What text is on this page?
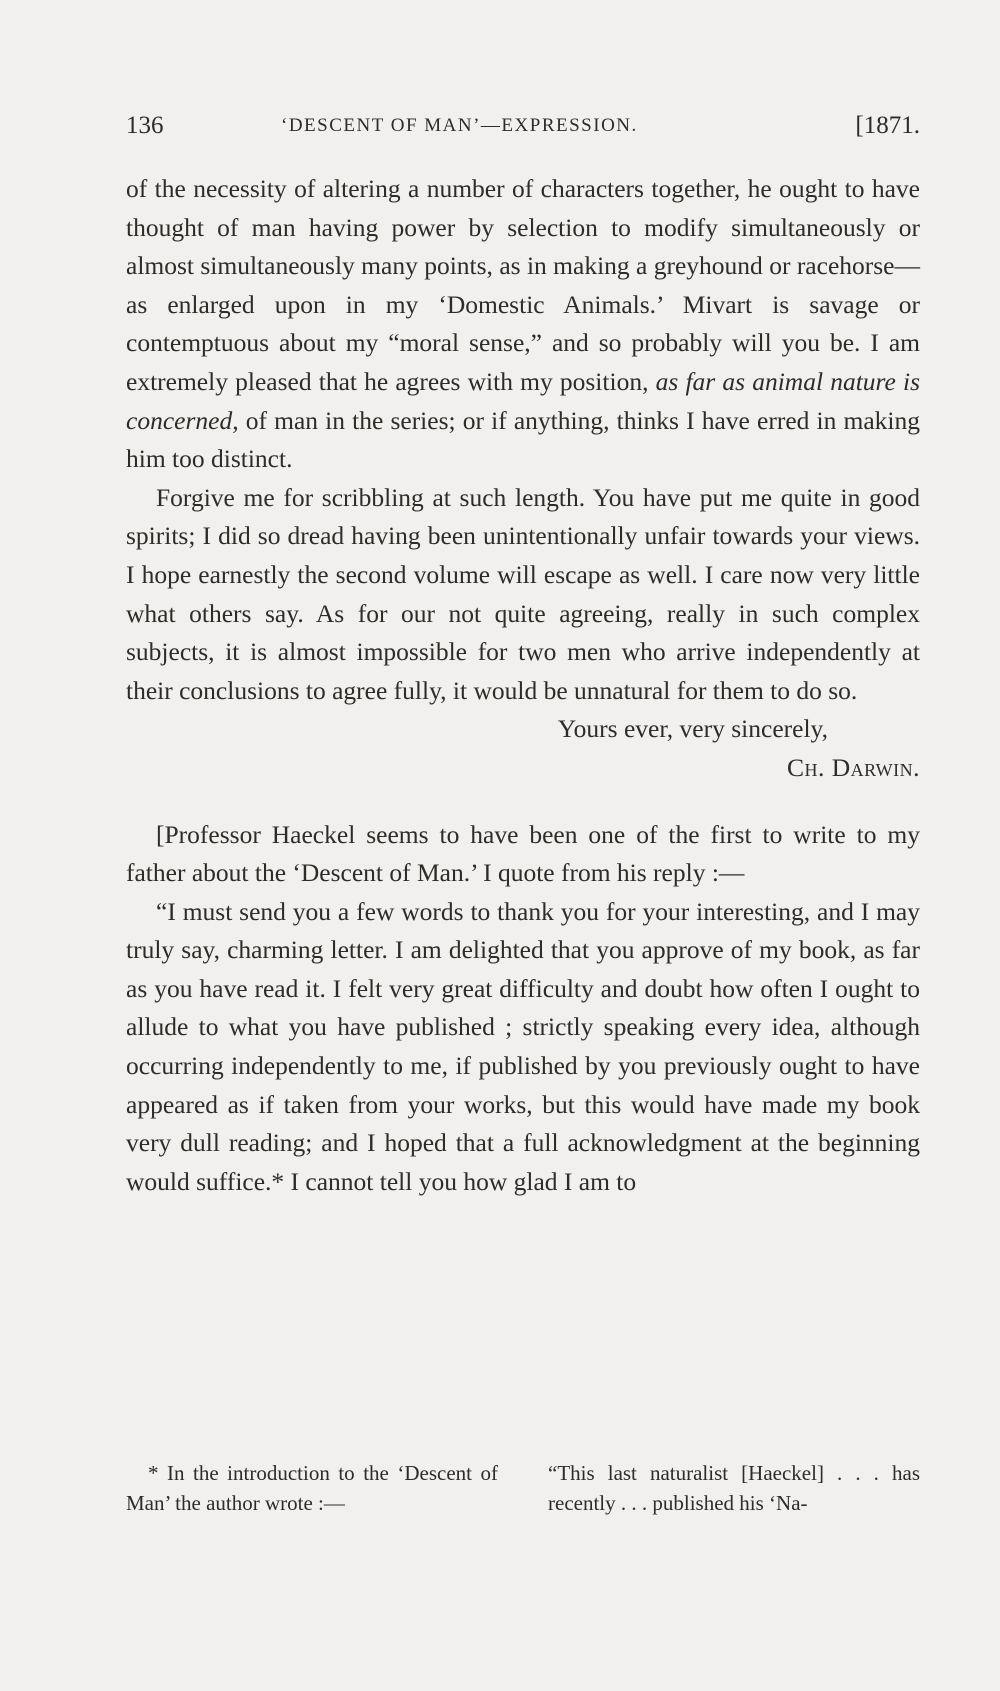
136	‘DESCENT OF MAN’—EXPRESSION.	[1871.

of the necessity of altering a number of characters together, he ought to have thought of man having power by selection to modify simultaneously or almost simultaneously many points, as in making a greyhound or racehorse—as enlarged upon in my ‘Domestic Animals.’ Mivart is savage or contemptuous about my “moral sense,” and so probably will you be. I am extremely pleased that he agrees with my position, as far as animal nature is concerned, of man in the series; or if anything, thinks I have erred in making him too distinct.

Forgive me for scribbling at such length. You have put me quite in good spirits; I did so dread having been unintentionally unfair towards your views. I hope earnestly the second volume will escape as well. I care now very little what others say. As for our not quite agreeing, really in such complex subjects, it is almost impossible for two men who arrive independently at their conclusions to agree fully, it would be unnatural for them to do so.

Yours ever, very sincerely,

Ch. Darwin.

[Professor Haeckel seems to have been one of the first to write to my father about the ‘Descent of Man.’ I quote from his reply :—

“I must send you a few words to thank you for your interesting, and I may truly say, charming letter. I am delighted that you approve of my book, as far as you have read it. I felt very great difficulty and doubt how often I ought to allude to what you have published ; strictly speaking every idea, although occurring independently to me, if published by you previously ought to have appeared as if taken from your works, but this would have made my book very dull reading; and I hoped that a full acknowledgment at the beginning would suffice.* I cannot tell you how glad I am to

* In the introduction to the ‘Descent of Man’ the author wrote :—
“This last naturalist [Haeckel] . . . has recently . . . published his ‘Na-
